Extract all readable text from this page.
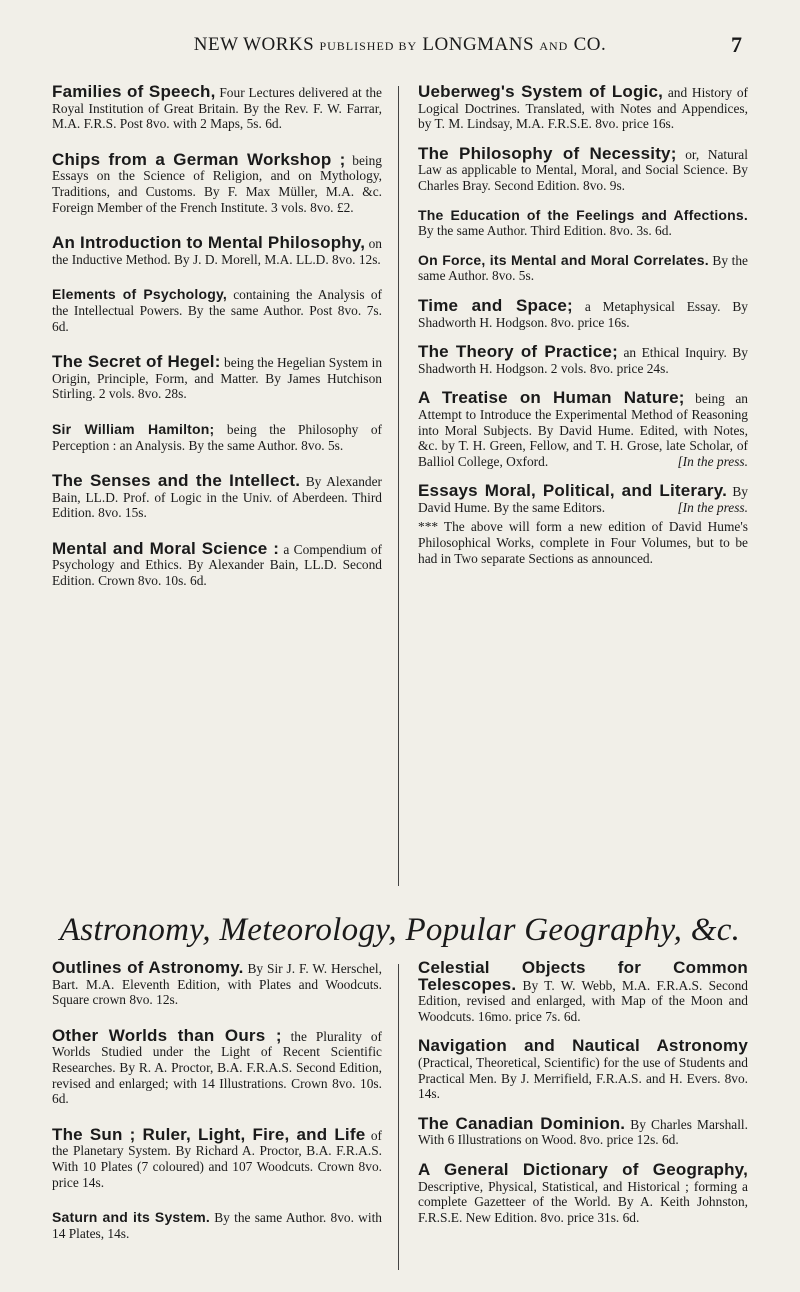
NEW WORKS PUBLISHED BY LONGMANS AND CO.	7
Families of Speech, Four Lectures delivered at the Royal Institution of Great Britain. By the Rev. F. W. Farrar, M.A. F.R.S. Post 8vo. with 2 Maps, 5s. 6d.
Chips from a German Workshop ; being Essays on the Science of Religion, and on Mythology, Traditions, and Customs. By F. Max Müller, M.A. &c. Foreign Member of the French Institute. 3 vols. 8vo. £2.
An Introduction to Mental Philosophy, on the Inductive Method. By J. D. Morell, M.A. LL.D. 8vo. 12s.
Elements of Psychology, containing the Analysis of the Intellectual Powers. By the same Author. Post 8vo. 7s. 6d.
The Secret of Hegel: being the Hegelian System in Origin, Principle, Form, and Matter. By James Hutchison Stirling. 2 vols. 8vo. 28s.
Sir William Hamilton; being the Philosophy of Perception : an Analysis. By the same Author. 8vo. 5s.
The Senses and the Intellect. By Alexander Bain, LL.D. Prof. of Logic in the Univ. of Aberdeen. Third Edition. 8vo. 15s.
Mental and Moral Science : a Compendium of Psychology and Ethics. By Alexander Bain, LL.D. Second Edition. Crown 8vo. 10s. 6d.
Ueberweg's System of Logic, and History of Logical Doctrines. Translated, with Notes and Appendices, by T. M. Lindsay, M.A. F.R.S.E. 8vo. price 16s.
The Philosophy of Necessity; or, Natural Law as applicable to Mental, Moral, and Social Science. By Charles Bray. Second Edition. 8vo. 9s.
The Education of the Feelings and Affections. By the same Author. Third Edition. 8vo. 3s. 6d.
On Force, its Mental and Moral Correlates. By the same Author. 8vo. 5s.
Time and Space; a Metaphysical Essay. By Shadworth H. Hodgson. 8vo. price 16s.
The Theory of Practice; an Ethical Inquiry. By Shadworth H. Hodgson. 2 vols. 8vo. price 24s.
A Treatise on Human Nature; being an Attempt to Introduce the Experimental Method of Reasoning into Moral Subjects. By David Hume. Edited, with Notes, &c. by T. H. Green, Fellow, and T. H. Grose, late Scholar, of Balliol College, Oxford.	[In the press.
Essays Moral, Political, and Literary. By David Hume. By the same Editors.	[In the press.
*** The above will form a new edition of David Hume's Philosophical Works, complete in Four Volumes, but to be had in Two separate Sections as announced.
Astronomy, Meteorology, Popular Geography, &c.
Outlines of Astronomy. By Sir J. F. W. Herschel, Bart. M.A. Eleventh Edition, with Plates and Woodcuts. Square crown 8vo. 12s.
Other Worlds than Ours ; the Plurality of Worlds Studied under the Light of Recent Scientific Researches. By R. A. Proctor, B.A. F.R.A.S. Second Edition, revised and enlarged; with 14 Illustrations. Crown 8vo. 10s. 6d.
The Sun ; Ruler, Light, Fire, and Life of the Planetary System. By Richard A. Proctor, B.A. F.R.A.S. With 10 Plates (7 coloured) and 107 Woodcuts. Crown 8vo. price 14s.
Saturn and its System. By the same Author. 8vo. with 14 Plates, 14s.
Celestial Objects for Common Telescopes. By T. W. Webb, M.A. F.R.A.S. Second Edition, revised and enlarged, with Map of the Moon and Woodcuts. 16mo. price 7s. 6d.
Navigation and Nautical Astronomy (Practical, Theoretical, Scientific) for the use of Students and Practical Men. By J. Merrifield, F.R.A.S. and H. Evers. 8vo. 14s.
The Canadian Dominion. By Charles Marshall. With 6 Illustrations on Wood. 8vo. price 12s. 6d.
A General Dictionary of Geography, Descriptive, Physical, Statistical, and Historical ; forming a complete Gazetteer of the World. By A. Keith Johnston, F.R.S.E. New Edition. 8vo. price 31s. 6d.
